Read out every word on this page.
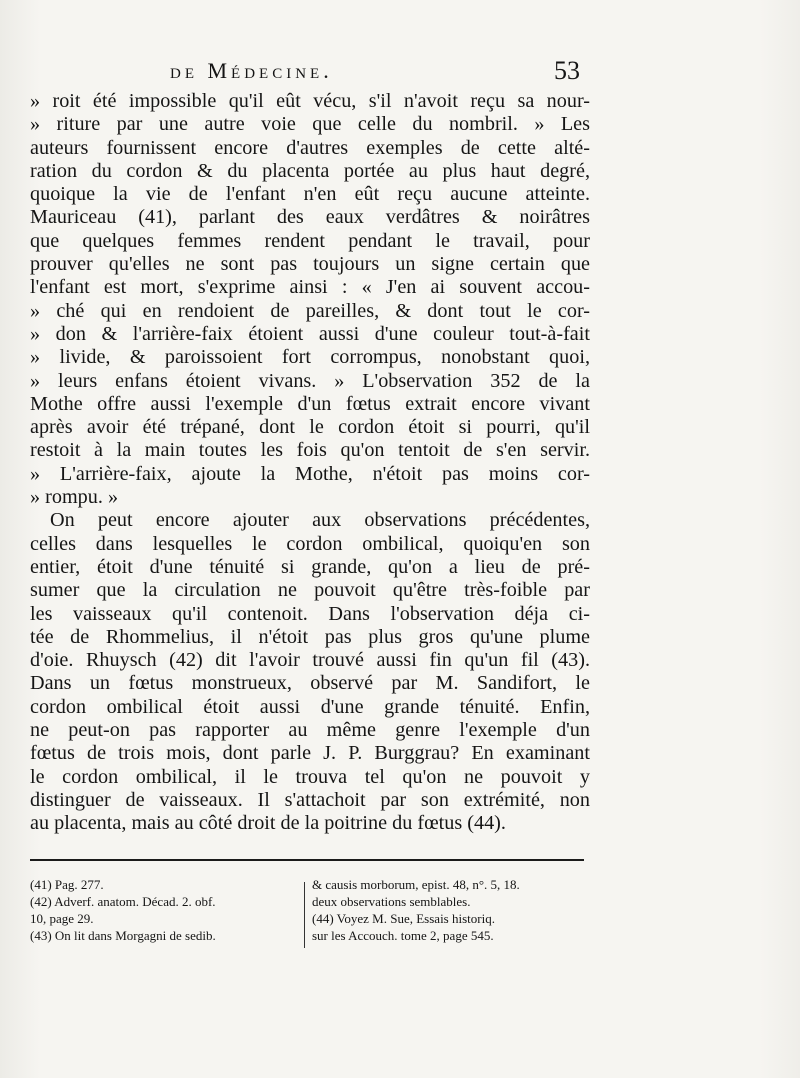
de Médecine.	53
» roit été impossible qu'il eût vécu, s'il n'avoit reçu sa nour-
» riture par une autre voie que celle du nombril. » Les
auteurs fournissent encore d'autres exemples de cette alté-
ration du cordon & du placenta portée au plus haut degré,
quoique la vie de l'enfant n'en eût reçu aucune atteinte.
Mauriceau (41), parlant des eaux verdâtres & noirâtres
que quelques femmes rendent pendant le travail, pour
prouver qu'elles ne sont pas toujours un signe certain que
l'enfant est mort, s'exprime ainsi : « J'en ai souvent accou-
» ché qui en rendoient de pareilles, & dont tout le cor-
» don & l'arrière-faix étoient aussi d'une couleur tout-à-fait
» livide, & paroissoient fort corrompus, nonobstant quoi,
» leurs enfans étoient vivans. » L'observation 352 de la
Mothe offre aussi l'exemple d'un fœtus extrait encore vivant
après avoir été trépané, dont le cordon étoit si pourri, qu'il
restoit à la main toutes les fois qu'on tentoit de s'en servir.
» L'arrière-faix, ajoute la Mothe, n'étoit pas moins cor-
» rompu. »
On peut encore ajouter aux observations précédentes,
celles dans lesquelles le cordon ombilical, quoiqu'en son
entier, étoit d'une ténuité si grande, qu'on a lieu de pré-
sumer que la circulation ne pouvoit qu'être très-foible par
les vaisseaux qu'il contenoit. Dans l'observation déja ci-
tée de Rhommelius, il n'étoit pas plus gros qu'une plume
d'oie. Rhuysch (42) dit l'avoir trouvé aussi fin qu'un fil (43).
Dans un fœtus monstrueux, observé par M. Sandifort, le
cordon ombilical étoit aussi d'une grande ténuité. Enfin,
ne peut-on pas rapporter au même genre l'exemple d'un
fœtus de trois mois, dont parle J. P. Burggrau? En examinant
le cordon ombilical, il le trouva tel qu'on ne pouvoit y
distinguer de vaisseaux. Il s'attachoit par son extrémité, non
au placenta, mais au côté droit de la poitrine du fœtus (44).
(41) Pag. 277.
(42) Adverf. anatom. Décad. 2. obf.
10, page 29.
(43) On lit dans Morgagni de sedib.
& causis morborum, epist. 48, n°. 5, 18.
deux observations semblables.
(44) Voyez M. Sue, Essais historiq.
sur les Accouch. tome 2, page 545.
